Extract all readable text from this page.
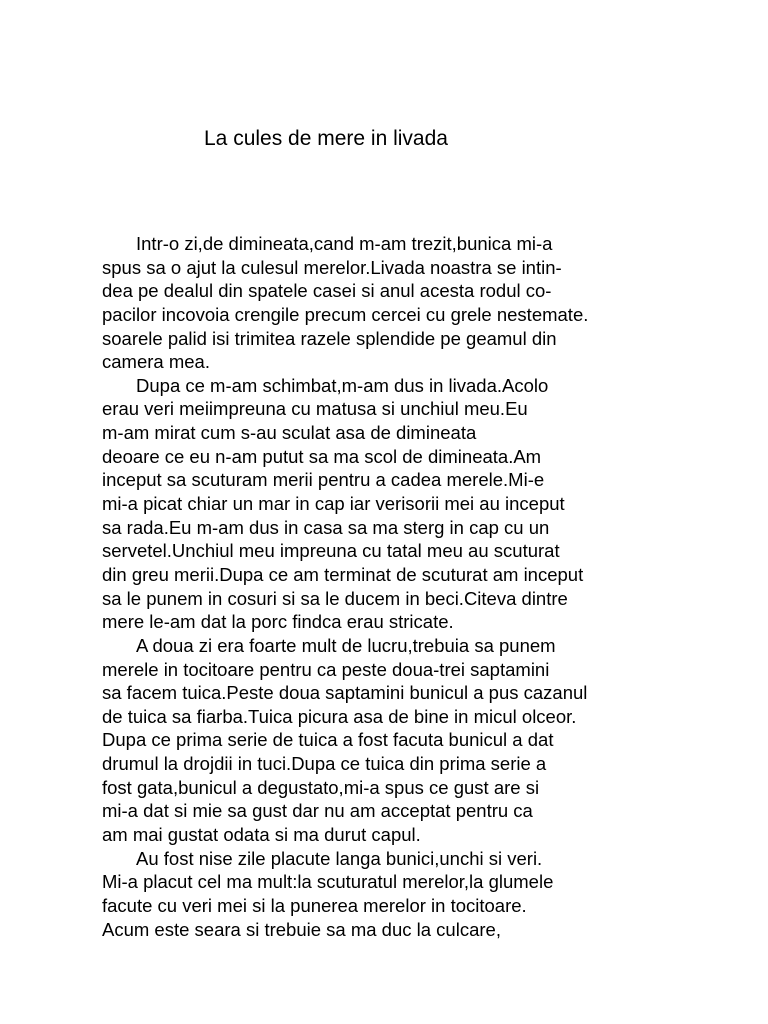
La cules de mere in livada
Intr-o zi,de dimineata,cand m-am trezit,bunica mi-a
spus sa o ajut la culesul merelor.Livada noastra se intin-
dea pe dealul din spatele casei si anul acesta rodul co-
pacilor incovoia crengile precum cercei cu grele nestemate.
soarele palid isi trimitea razele splendide pe geamul din
camera mea.
Dupa ce m-am schimbat,m-am dus in livada.Acolo
erau veri meiimpreuna cu matusa si unchiul meu.Eu
m-am mirat cum s-au sculat asa de dimineata
deoare ce eu n-am putut sa ma scol de dimineata.Am
inceput sa scuturam merii pentru a cadea merele.Mi-e
mi-a picat chiar un mar in cap iar verisorii mei au inceput
sa rada.Eu m-am dus in casa sa ma sterg in cap cu un
servetel.Unchiul meu impreuna cu tatal meu au scuturat
din greu merii.Dupa ce am terminat de scuturat am inceput
sa le punem in cosuri si sa le ducem in beci.Citeva dintre
mere le-am dat la porc findca erau stricate.
A doua zi era foarte mult de lucru,trebuia sa punem
merele in tocitoare pentru ca peste doua-trei saptamini
sa facem tuica.Peste doua saptamini bunicul a pus cazanul
de tuica sa fiarba.Tuica picura asa de bine in micul olceor.
Dupa ce prima serie de tuica a fost facuta bunicul a dat
drumul la drojdii in tuci.Dupa ce tuica din prima serie a
fost gata,bunicul a degustato,mi-a spus ce gust are si
mi-a dat si mie sa gust dar nu am acceptat pentru ca
am mai gustat odata si ma durut capul.
Au fost nise zile placute langa bunici,unchi si veri.
Mi-a placut cel ma mult:la scuturatul merelor,la glumele
facute cu veri mei si la punerea merelor in tocitoare.
Acum este seara si trebuie sa ma duc la culcare,
